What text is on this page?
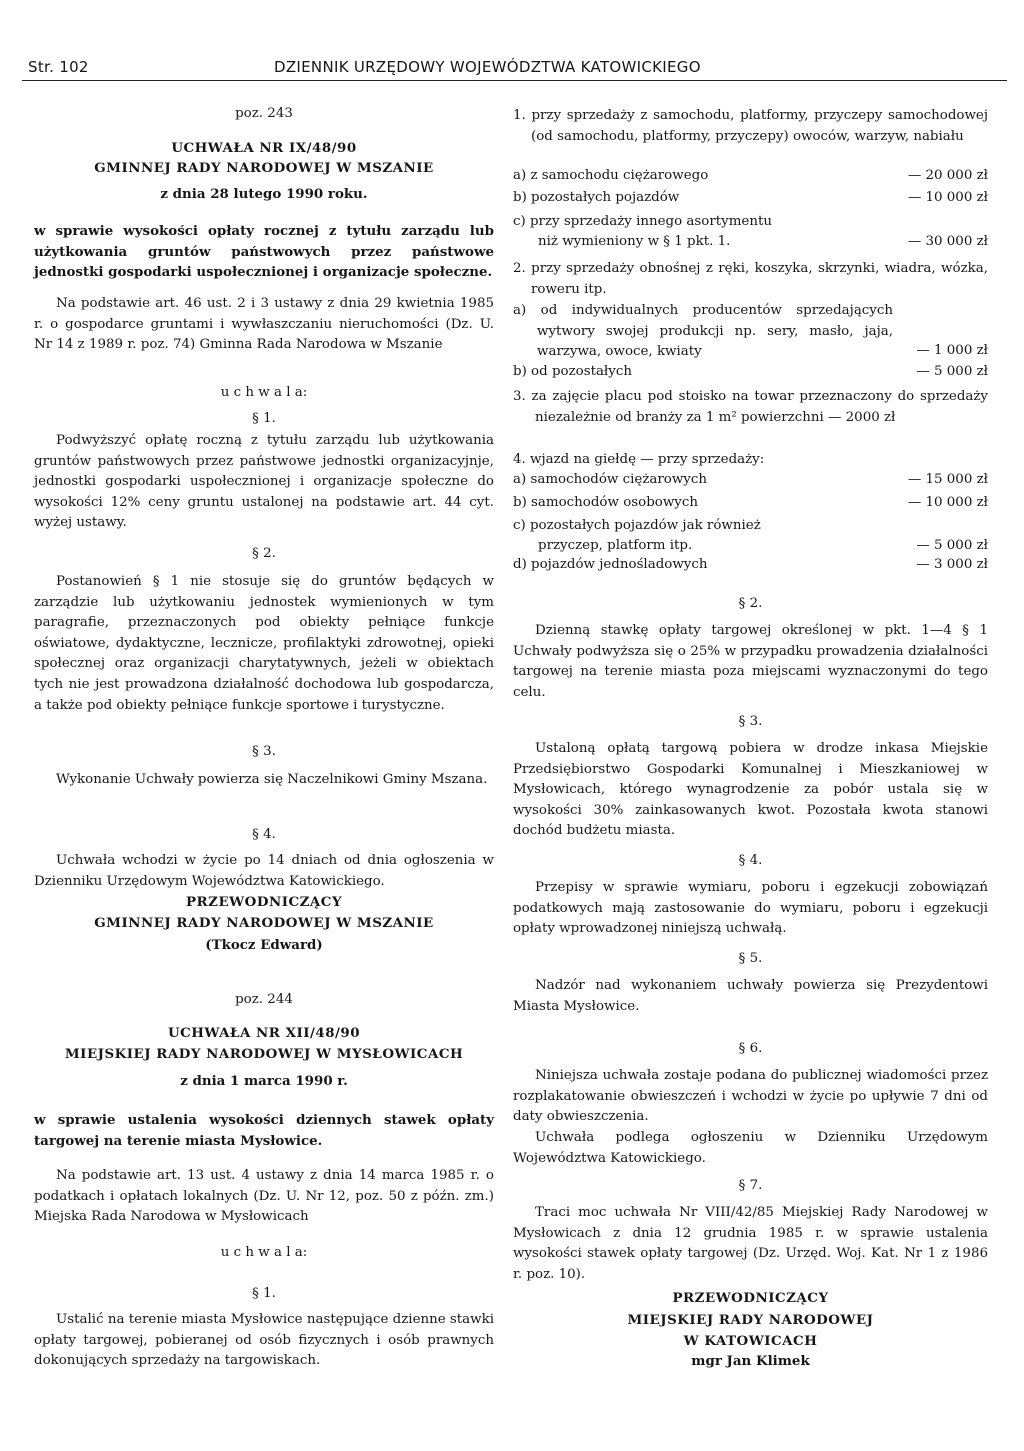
Str. 102	DZIENNIK URZĘDOWY WOJEWÓDZTWA KATOWICKIEGO
poz. 243
UCHWAŁA NR IX/48/90
GMINNEJ RADY NARODOWEJ W MSZANIE
z dnia 28 lutego 1990 roku.

w sprawie wysokości opłaty rocznej z tytułu zarządu lub użytkowania gruntów państwowych przez państwowe jednostki gospodarki uspołecznionej i organizacje społeczne.

Na podstawie art. 46 ust. 2 i 3 ustawy z dnia 29 kwietnia 1985 r. o gospodarce gruntami i wywłaszczaniu nieruchomości (Dz. U. Nr 14 z 1989 r. poz. 74) Gminna Rada Narodowa w Mszanie

u c h w a l a:
§ 1.

Podwyższyć opłatę roczną z tytułu zarządu lub użytkowania gruntów państwowych przez państwowe jednostki organizacyjnje, jednostki gospodarki uspołecznionej i organizacje społeczne do wysokości 12% ceny gruntu ustalonej na podstawie art. 44 cyt. wyżej ustawy.

§ 2.

Postanowień § 1 nie stosuje się do gruntów będących w zarządzie lub użytkowaniu jednostek wymienionych w tym paragrafie, przeznaczonych pod obiekty pełniące funkcje oświatowe, dydaktyczne, lecznicze, profilaktyki zdrowotnej, opieki społecznej oraz organizacji charytatywnych, jeżeli w obiektach tych nie jest prowadzona działalność dochodowa lub gospodarcza, a także pod obiekty pełniące funkcje sportowe i turystyczne.

§ 3.

Wykonanie Uchwały powierza się Naczelnikowi Gminy Mszana.

§ 4.

Uchwała wchodzi w życie po 14 dniach od dnia ogłoszenia w Dzienniku Urzędowym Województwa Katowickiego.

PRZEWODNICZĄCY
GMINNEJ RADY NARODOWEJ W MSZANIE
(Tkocz Edward)
poz. 244
UCHWAŁA NR XII/48/90
MIEJSKIEJ RADY NARODOWEJ W MYSŁOWICACH
z dnia 1 marca 1990 r.

w sprawie ustalenia wysokości dziennych stawek opłaty targowej na terenie miasta Mysłowice.

Na podstawie art. 13 ust. 4 ustawy z dnia 14 marca 1985 r. o podatkach i opłatach lokalnych (Dz. U. Nr 12, poz. 50 z późn. zm.) Miejska Rada Narodowa w Mysłowicach

u c h w a l a:
§ 1.

Ustalić na terenie miasta Mysłowice następujące dzienne stawki opłaty targowej, pobieranej od osób fizycznych i osób prawnych dokonujących sprzedaży na targowiskach.

1. przy sprzedaży z samochodu, platformy, przyczepy samochodowej (od samochodu, platformy, przyczepy) owoców, warzyw, nabiału

a) z samochodu ciężarowego	— 20 000 zł
b) pozostałych pojazdów	— 10 000 zł
c) przy sprzedaży innego asortymentu
niż wymieniony w § 1 pkt. 1.	— 30 000 zł

2. przy sprzedaży obnośnej z ręki, koszyka, skrzynki, wiadra, wózka, roweru itp.

a) od indywidualnych producentów sprzedających wytwory swojej produkcji np. sery, masło, jaja, warzywa, owoce, kwiaty	— 1 000 zł
b) od pozostałych	— 5 000 zł

3. za zajęcie placu pod stoisko na towar przeznaczony do sprzedaży niezależnie od branży za 1 m² powierzchni — 2000 zł

4. wjazd na giełdę — przy sprzedaży:

a) samochodów ciężarowych	— 15 000 zł
b) samochodów osobowych	— 10 000 zł
c) pozostałych pojazdów jak również
przyczep, platform itp.	— 5 000 zł
d) pojazdów jednośladowych	— 3 000 zł
§ 2.

Dzienną stawkę opłaty targowej określonej w pkt. 1—4 § 1 Uchwały podwyższa się o 25% w przypadku prowadzenia działalności targowej na terenie miasta poza miejscami wyznaczonymi do tego celu.

§ 3.

Ustaloną opłatą targową pobiera w drodze inkasa Miejskie Przedsiębiorstwo Gospodarki Komunalnej i Mieszkaniowej w Mysłowicach, którego wynagrodzenie za pobór ustala się w wysokości 30% zainkasowanych kwot. Pozostała kwota stanowi dochód budżetu miasta.

§ 4.

Przepisy w sprawie wymiaru, poboru i egzekucji zobowiązań podatkowych mają zastosowanie do wymiaru, poboru i egzekucji opłaty wprowadzonej niniejszą uchwałą.

§ 5.

Nadzór nad wykonaniem uchwały powierza się Prezydentowi Miasta Mysłowice.

§ 6.

Niniejsza uchwała zostaje podana do publicznej wiadomości przez rozplakatowanie obwieszczeń i wchodzi w życie po upływie 7 dni od daty obwieszczenia.

Uchwała podlega ogłoszeniu w Dzienniku Urzędowym Województwa Katowickiego.

§ 7.

Traci moc uchwała Nr VIII/42/85 Miejskiej Rady Narodowej w Mysłowicach z dnia 12 grudnia 1985 r. w sprawie ustalenia wysokości stawek opłaty targowej (Dz. Urzęd. Woj. Kat. Nr 1 z 1986 r. poz. 10).

PRZEWODNICZĄCY
MIEJSKIEJ RADY NARODOWEJ
W KATOWICACH
mgr Jan Klimek
